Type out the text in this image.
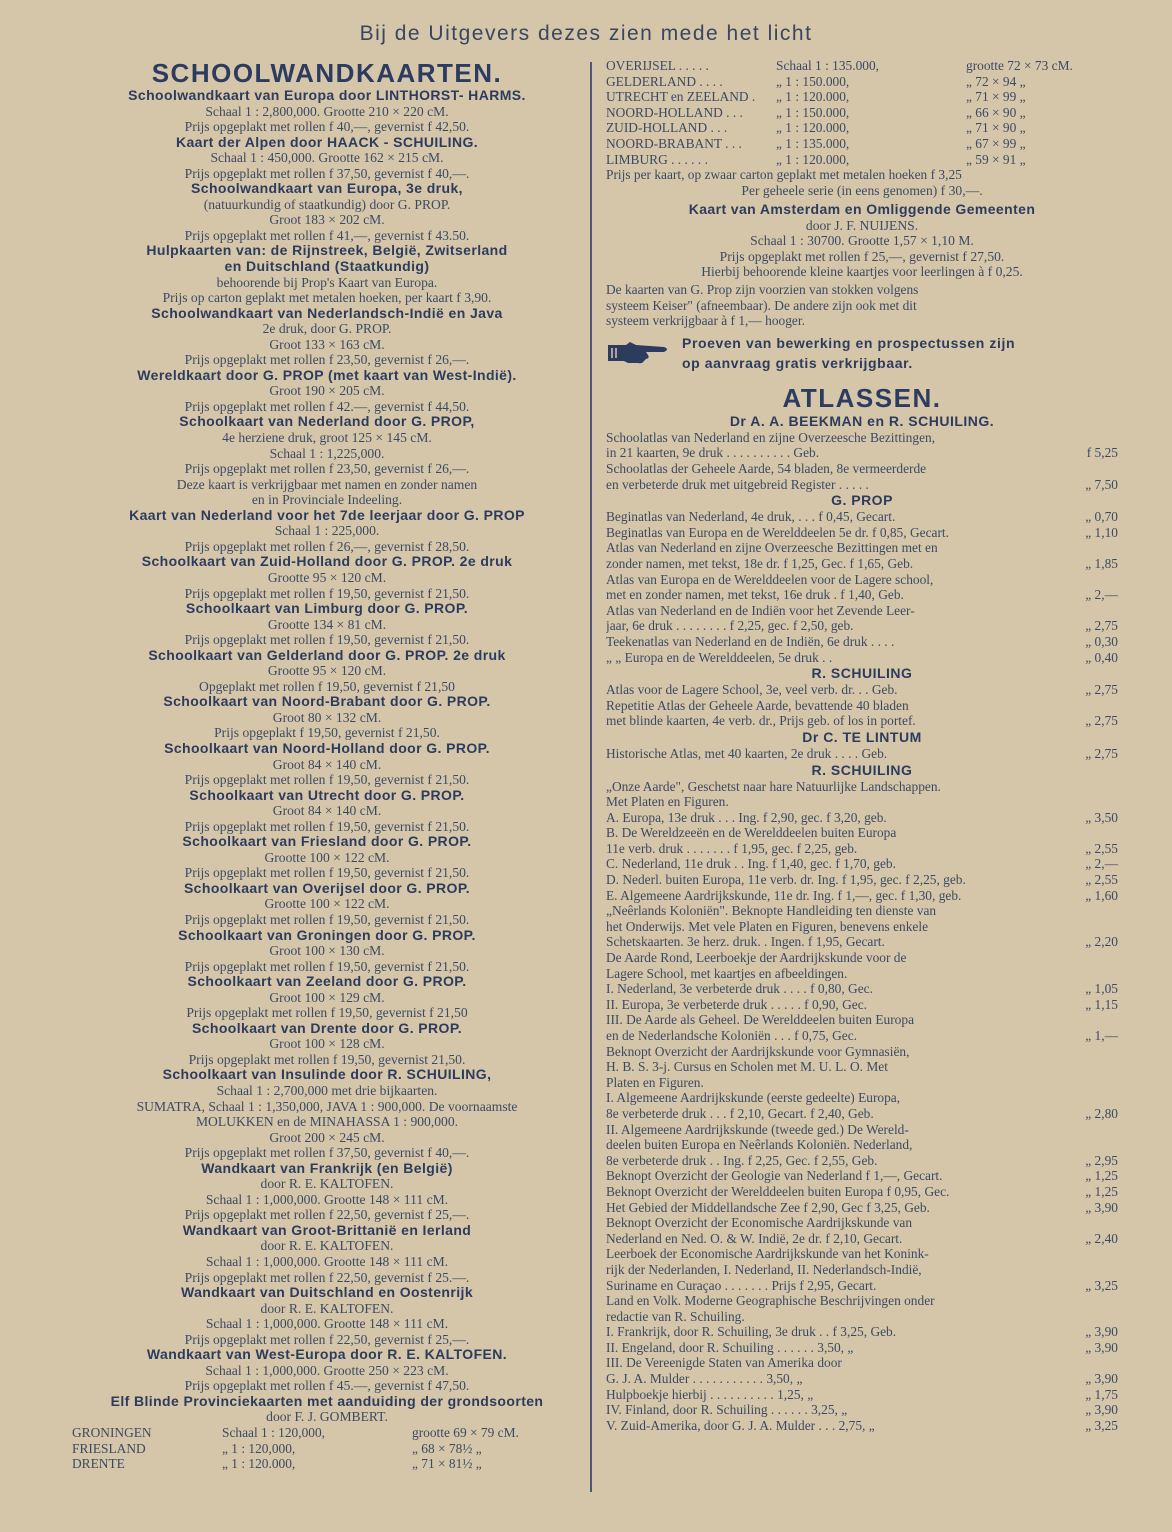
Bij de Uitgevers dezes zien mede het licht
SCHOOLWANDKAARTEN.
Schoolwandkaart van Europa door LINTHORST- HARMS.
Schaal 1 : 2,800,000. Grootte 210 × 220 cM.
Prijs opgeplakt met rollen f 40,—, gevernist f 42,50.
Kaart der Alpen door HAACK - SCHUILING.
Schaal 1 : 450,000. Grootte 162 × 215 cM.
Prijs opgeplakt met rollen f 37,50, gevernist f 40,—.
Schoolwandkaart van Europa, 3e druk,
(natuurkundig of staatkundig) door G. PROP.
Groot 183 × 202 cM.
Prijs opgeplakt met rollen f 41,—, gevernist f 43.50.
Hulpkaarten van: de Rijnstreek, België, Zwitserland
en Duitschland (Staatkundig)
behoorende bij Prop's Kaart van Europa.
Prijs op carton geplakt met metalen hoeken, per kaart f 3,90.
Schoolwandkaart van Nederlandsch-Indië en Java
2e druk, door G. PROP.
Groot 133 × 163 cM.
Prijs opgeplakt met rollen f 23,50, gevernist f 26,—.
Wereldkaart door G. PROP (met kaart van West-Indië).
Groot 190 × 205 cM.
Prijs opgeplakt met rollen f 42.—, gevernist f 44,50.
Schoolkaart van Nederland door G. PROP,
4e herziene druk, groot 125 × 145 cM.
Schaal 1 : 1,225,000.
Prijs opgeplakt met rollen f 23,50, gevernist f 26,—.
Deze kaart is verkrijgbaar met namen en zonder namen
en in Provinciale Indeeling.
Kaart van Nederland voor het 7de leerjaar door G. PROP
Schaal 1 : 225,000.
Prijs opgeplakt met rollen f 26,—, gevernist f 28,50.
Schoolkaart van Zuid-Holland door G. PROP. 2e druk
Grootte 95 × 120 cM.
Prijs opgeplakt met rollen f 19,50, gevernist f 21,50.
Schoolkaart van Limburg door G. PROP.
Grootte 134 × 81 cM.
Prijs opgeplakt met rollen f 19,50, gevernist f 21,50.
Schoolkaart van Gelderland door G. PROP. 2e druk
Grootte 95 × 120 cM.
Opgeplakt met rollen f 19,50, gevernist f 21,50
Schoolkaart van Noord-Brabant door G. PROP.
Groot 80 × 132 cM.
Prijs opgeplakt f 19,50, gevernist f 21,50.
Schoolkaart van Noord-Holland door G. PROP.
Groot 84 × 140 cM.
Prijs opgeplakt met rollen f 19,50, gevernist f 21,50.
Schoolkaart van Utrecht door G. PROP.
Groot 84 × 140 cM.
Prijs opgeplakt met rollen f 19,50, gevernist f 21,50.
Schoolkaart van Friesland door G. PROP.
Grootte 100 × 122 cM.
Prijs opgeplakt met rollen f 19,50, gevernist f 21,50.
Schoolkaart van Overijsel door G. PROP.
Grootte 100 × 122 cM.
Prijs opgeplakt met rollen f 19,50, gevernist f 21,50.
Schoolkaart van Groningen door G. PROP.
Groot 100 × 130 cM.
Prijs opgeplakt met rollen f 19,50, gevernist f 21,50.
Schoolkaart van Zeeland door G. PROP.
Groot 100 × 129 cM.
Prijs opgeplakt met rollen f 19,50, gevernist f 21,50
Schoolkaart van Drente door G. PROP.
Groot 100 × 128 cM.
Prijs opgeplakt met rollen f 19,50, gevernist 21,50.
Schoolkaart van Insulinde door R. SCHUILING,
Schaal 1 : 2,700,000 met drie bijkaarten.
SUMATRA, Schaal 1 : 1,350,000, JAVA 1 : 900,000. De voornaamste
MOLUKKEN en de MINAHASSA 1 : 900,000.
Groot 200 × 245 cM.
Prijs opgeplakt met rollen f 37,50, gevernist f 40,—.
Wandkaart van Frankrijk (en België)
door R. E. KALTOFEN.
Schaal 1 : 1,000,000. Grootte 148 × 111 cM.
Prijs opgeplakt met rollen f 22,50, gevernist f 25,—.
Wandkaart van Groot-Brittanië en Ierland
door R. E. KALTOFEN.
Schaal 1 : 1,000,000. Grootte 148 × 111 cM.
Prijs opgeplakt met rollen f 22,50, gevernist f 25.—.
Wandkaart van Duitschland en Oostenrijk
door R. E. KALTOFEN.
Schaal 1 : 1,000,000. Grootte 148 × 111 cM.
Prijs opgeplakt met rollen f 22,50, gevernist f 25,—.
Wandkaart van West-Europa door R. E. KALTOFEN.
Schaal 1 : 1,000,000. Grootte 250 × 223 cM.
Prijs opgeplakt met rollen f 45.—, gevernist f 47,50.
Elf Blinde Provinciekaarten met aanduiding der grondsoorten
door F. J. GOMBERT.
GRONINGEN	Schaal 1 : 120,000,	grootte 69 × 79 cM.
FRIESLAND	„ 1 : 120,000,	„ 68 × 78½ „
DRENTE	„ 1 : 120.000,	„ 71 × 81½ „
OVERIJSEL . . . . .	Schaal 1 : 135.000,	grootte 72 × 73 cM.
GELDERLAND . . . .	„ 1 : 150.000,	„ 72 × 94 „
UTRECHT en ZEELAND .	„ 1 : 120.000,	„ 71 × 99 „
NOORD-HOLLAND . . .	„ 1 : 150.000,	„ 66 × 90 „
ZUID-HOLLAND . . .	„ 1 : 120.000,	„ 71 × 90 „
NOORD-BRABANT . . .	„ 1 : 135.000,	„ 67 × 99 „
LIMBURG . . . . . .	„ 1 : 120.000,	„ 59 × 91 „
Prijs per kaart, op zwaar carton geplakt met metalen hoeken f 3,25
Per geheele serie (in eens genomen) f 30,—.
Kaart van Amsterdam en Omliggende Gemeenten
door J. F. NUIJENS.
Schaal 1 : 30700. Grootte 1,57 × 1,10 M.
Prijs opgeplakt met rollen f 25,—, gevernist f 27,50.
Hierbij behoorende kleine kaartjes voor leerlingen à f 0,25.
De kaarten van G. Prop zijn voorzien van stokken volgens
systeem Keiser" (afneembaar). De andere zijn ook met dit
systeem verkrijgbaar à f 1,— hooger.
Proeven van bewerking en prospectussen zijn
op aanvraag gratis verkrijgbaar.
ATLASSEN.
Dr A. A. BEEKMAN en R. SCHUILING.
Schoolatlas van Nederland en zijne Overzeesche Bezittingen,
in 21 kaarten, 9e druk . . . . . . . . . . Geb.	f 5,25
Schoolatlas der Geheele Aarde, 54 bladen, 8e vermeerderde
en verbeterde druk met uitgebreid Register . . . . .	„ 7,50
G. PROP
Beginatlas van Nederland, 4e druk, . . . f 0,45, Gecart.	„ 0,70
Beginatlas van Europa en de Werelddeelen 5e dr. f 0,85, Gecart.	„ 1,10
Atlas van Nederland en zijne Overzeesche Bezittingen met en
zonder namen, met tekst, 18e dr. f 1,25, Gec. f 1,65, Geb.	„ 1,85
Atlas van Europa en de Werelddeelen voor de Lagere school,
met en zonder namen, met tekst, 16e druk . f 1,40, Geb.	„ 2,—
Atlas van Nederland en de Indiën voor het Zevende Leer-
jaar, 6e druk . . . . . . . . f 2,25, gec. f 2,50, geb.	„ 2,75
Teekenatlas van Nederland en de Indiën, 6e druk . . . .	„ 0,30
„ „ Europa en de Werelddeelen, 5e druk . .	„ 0,40
R. SCHUILING
Atlas voor de Lagere School, 3e, veel verb. dr. . . Geb.	„ 2,75
Repetitie Atlas der Geheele Aarde, bevattende 40 bladen
met blinde kaarten, 4e verb. dr., Prijs geb. of los in portef.	„ 2,75
Dr C. TE LINTUM
Historische Atlas, met 40 kaarten, 2e druk . . . . Geb.	„ 2,75
R. SCHUILING
„Onze Aarde", Geschetst naar hare Natuurlijke Landschappen.
Met Platen en Figuren.
A. Europa, 13e druk . . . Ing. f 2,90, gec. f 3,20, geb.	„ 3,50
B. De Wereldzeeën en de Werelddeelen buiten Europa
11e verb. druk . . . . . . . f 1,95, gec. f 2,25, geb.	„ 2,55
C. Nederland, 11e druk . . Ing. f 1,40, gec. f 1,70, geb.	„ 2,—
D. Nederl. buiten Europa, 11e verb. dr. Ing. f 1,95, gec. f 2,25, geb.	„ 2,55
E. Algemeene Aardrijkskunde, 11e dr. Ing. f 1,—, gec. f 1,30, geb.	„ 1,60
„Neêrlands Koloniën". Beknopte Handleiding ten dienste van
het Onderwijs. Met vele Platen en Figuren, benevens enkele
Schetskaarten. 3e herz. druk. . Ingen. f 1,95, Gecart.	„ 2,20
De Aarde Rond, Leerboekje der Aardrijkskunde voor de
Lagere School, met kaartjes en afbeeldingen.
I. Nederland, 3e verbeterde druk . . . . f 0,80, Gec.	„ 1,05
II. Europa, 3e verbeterde druk . . . . . f 0,90, Gec.	„ 1,15
III. De Aarde als Geheel. De Werelddeelen buiten Europa
en de Nederlandsche Koloniën . . . f 0,75, Gec.	„ 1,—
Beknopt Overzicht der Aardrijkskunde voor Gymnasiën,
H. B. S. 3-j. Cursus en Scholen met M. U. L. O. Met
Platen en Figuren.
I. Algemeene Aardrijkskunde (eerste gedeelte) Europa,
8e verbeterde druk . . . f 2,10, Gecart. f 2,40, Geb.	„ 2,80
II. Algemeene Aardrijkskunde (tweede ged.) De Wereld-
deelen buiten Europa en Neêrlands Koloniën. Nederland,
8e verbeterde druk . . Ing. f 2,25, Gec. f 2,55, Geb.	„ 2,95
Beknopt Overzicht der Geologie van Nederland f 1,—, Gecart.	„ 1,25
Beknopt Overzicht der Werelddeelen buiten Europa f 0,95, Gec.	„ 1,25
Het Gebied der Middellandsche Zee f 2,90, Gec f 3,25, Geb.	„ 3,90
Beknopt Overzicht der Economische Aardrijkskunde van
Nederland en Ned. O. & W. Indië, 2e dr. f 2,10, Gecart.	„ 2,40
Leerboek der Economische Aardrijkskunde van het Konink-
rijk der Nederlanden, I. Nederland, II. Nederlandsch-Indië,
Suriname en Curaçao . . . . . . . Prijs f 2,95, Gecart.	„ 3,25
Land en Volk. Moderne Geographische Beschrijvingen onder
redactie van R. Schuiling.
I. Frankrijk, door R. Schuiling, 3e druk . . f 3,25, Geb.	„ 3,90
II. Engeland, door R. Schuiling . . . . . . 3,50, „	„ 3,90
III. De Vereenigde Staten van Amerika door
G. J. A. Mulder . . . . . . . . . . . 3,50, „	„ 3,90
Hulpboekje hierbij . . . . . . . . . . 1,25, „	„ 1,75
IV. Finland, door R. Schuiling . . . . . . 3,25, „	„ 3,90
V. Zuid-Amerika, door G. J. A. Mulder . . . 2,75, „	„ 3,25
